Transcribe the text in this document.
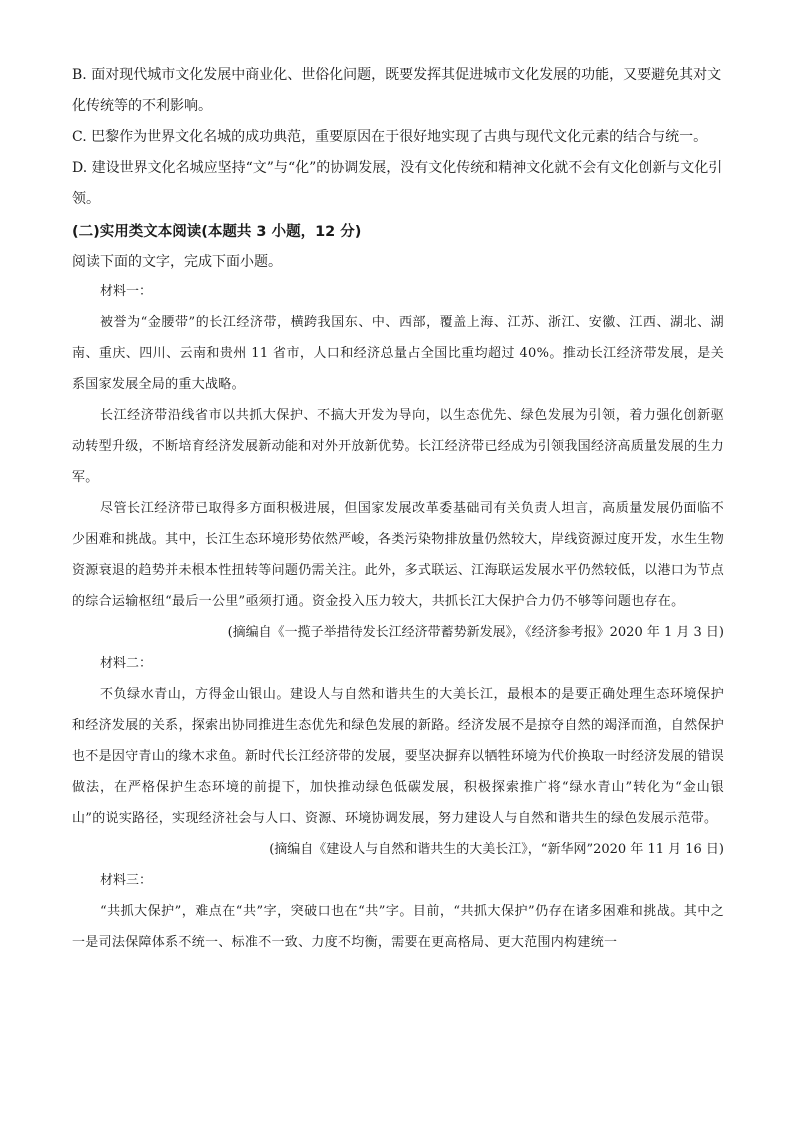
B. 面对现代城市文化发展中商业化、世俗化问题，既要发挥其促进城市文化发展的功能，又要避免其对文化传统等的不利影响。

C. 巴黎作为世界文化名城的成功典范，重要原因在于很好地实现了古典与现代文化元素的结合与统一。

D. 建设世界文化名城应坚持“文”与“化”的协调发展，没有文化传统和精神文化就不会有文化创新与文化引领。

(二)实用类文本阅读(本题共 3 小题，12 分)

阅读下面的文字，完成下面小题。

材料一：

被誉为“金腰带”的长江经济带，横跨我国东、中、西部，覆盖上海、江苏、浙江、安徽、江西、湖北、湖南、重庆、四川、云南和贵州 11 省市，人口和经济总量占全国比重均超过 40%。推动长江经济带发展，是关系国家发展全局的重大战略。

长江经济带沿线省市以共抓大保护、不搞大开发为导向，以生态优先、绿色发展为引领，着力强化创新驱动转型升级，不断培育经济发展新动能和对外开放新优势。长江经济带已经成为引领我国经济高质量发展的生力军。

尽管长江经济带已取得多方面积极进展，但国家发展改革委基础司有关负责人坦言，高质量发展仍面临不少困难和挑战。其中，长江生态环境形势依然严峻，各类污染物排放量仍然较大，岸线资源过度开发，水生生物资源衰退的趋势并未根本性扭转等问题仍需关注。此外，多式联运、江海联运发展水平仍然较低，以港口为节点的综合运输枢纽“最后一公里”亟须打通。资金投入压力较大，共抓长江大保护合力仍不够等问题也存在。

(摘编自《一揽子举措待发长江经济带蓄势新发展》，《经济参考报》2020 年 1 月 3 日)

材料二：

不负绿水青山，方得金山银山。建设人与自然和谐共生的大美长江，最根本的是要正确处理生态环境保护和经济发展的关系，探索出协同推进生态优先和绿色发展的新路。经济发展不是掠夺自然的竭泽而渔，自然保护也不是因守青山的缘木求鱼。新时代长江经济带的发展，要坚决摒弃以牺牲环境为代价换取一时经济发展的错误做法，在严格保护生态环境的前提下，加快推动绿色低碳发展，积极探索推广将“绿水青山”转化为“金山银山”的说实路径，实现经济社会与人口、资源、环境协调发展，努力建设人与自然和谐共生的绿色发展示范带。

(摘编自《建设人与自然和谐共生的大美长江》，“新华网”2020 年 11 月 16 日)

材料三：

“共抓大保护”，难点在“共”字，突破口也在“共”字。目前，“共抓大保护”仍存在诸多困难和挑战。其中之一是司法保障体系不统一、标准不一致、力度不均衡，需要在更高格局、更大范围内构建统一
